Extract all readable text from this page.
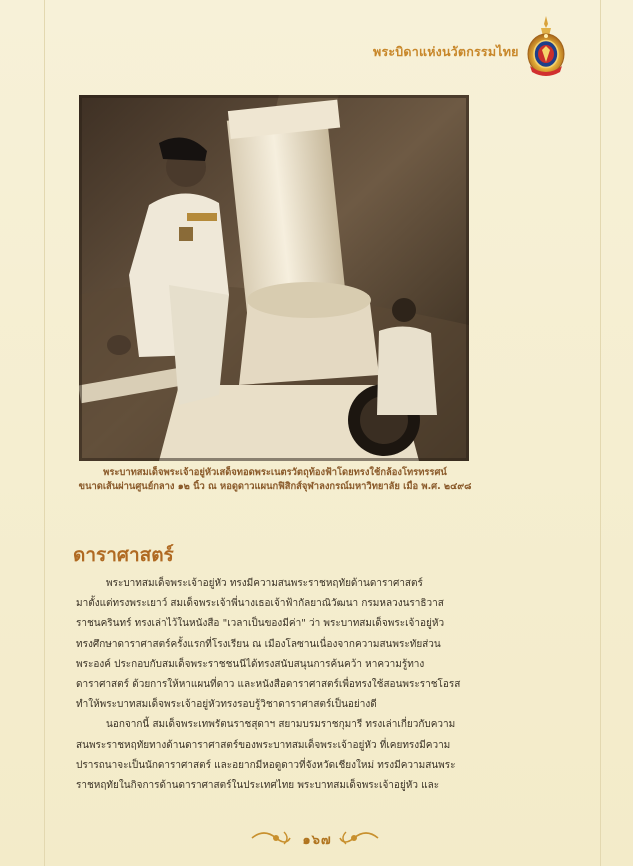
พระบิดาแห่งนวัตกรรมไทย
พระบาทสมเด็จพระเจ้าอยู่หัวเสด็จทอดพระเนตรวัตถุท้องฟ้าโดยทรงใช้กล้องโทรทรรศน์
ขนาดเส้นผ่านศูนย์กลาง ๑๒ นิ้ว ณ หอดูดาวแผนกฟิสิกส์จุฬาลงกรณ์มหาวิทยาลัย เมื่อ พ.ศ. ๒๔๙๘
ดาราศาสตร์
พระบาทสมเด็จพระเจ้าอยู่หัว ทรงมีความสนพระราชหฤทัยด้านดาราศาสตร์
มาตั้งแต่ทรงพระเยาว์ สมเด็จพระเจ้าพี่นางเธอเจ้าฟ้ากัลยาณิวัฒนา กรมหลวงนราธิวาส
ราชนครินทร์ ทรงเล่าไว้ในหนังสือ "เวลาเป็นของมีค่า" ว่า พระบาทสมเด็จพระเจ้าอยู่หัว
ทรงศึกษาดาราศาสตร์ครั้งแรกที่โรงเรียน ณ เมืองโลซานเนื่องจากความสนพระทัยส่วน
พระองค์ ประกอบกับสมเด็จพระราชชนนีได้ทรงสนับสนุนการค้นคว้า หาความรู้ทาง
ดาราศาสตร์ ด้วยการให้หาแผนที่ดาว และหนังสือดาราศาสตร์เพื่อทรงใช้สอนพระราชโอรส
ทำให้พระบาทสมเด็จพระเจ้าอยู่หัวทรงรอบรู้วิชาดาราศาสตร์เป็นอย่างดี
นอกจากนี้ สมเด็จพระเทพรัตนราชสุดาฯ สยามบรมราชกุมารี ทรงเล่าเกี่ยวกับความ
สนพระราชหฤทัยทางด้านดาราศาสตร์ของพระบาทสมเด็จพระเจ้าอยู่หัว ที่เคยทรงมีความ
ปรารถนาจะเป็นนักดาราศาสตร์ และอยากมีหอดูดาวที่จังหวัดเชียงใหม่ ทรงมีความสนพระ
ราชหฤทัยในกิจการด้านดาราศาสตร์ในประเทศไทย พระบาทสมเด็จพระเจ้าอยู่หัว และ
๑๖๗
